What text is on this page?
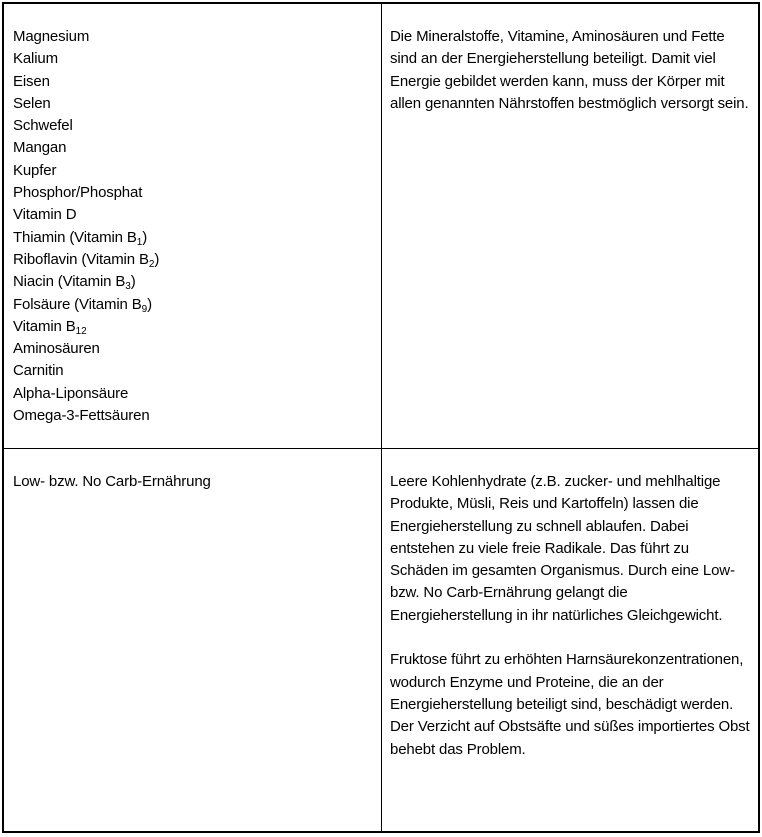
Magnesium
Kalium
Eisen
Selen
Schwefel
Mangan
Kupfer
Phosphor/Phosphat
Vitamin D
Thiamin (Vitamin $B_1$)
Riboflavin (Vitamin $B_2$)
Niacin (Vitamin $B_3$)
Folsäure (Vitamin $B_9$)
Vitamin $B_{12}$
Aminosäuren
Carnitin
Alpha-Liponsäure
Omega-3-Fettsäuren

Die Mineralstoffe, Vitamine, Aminosäuren und Fette sind an der Energieherstellung beteiligt. Damit viel Energie gebildet werden kann, muss der Körper mit allen genannten Nährstoffen bestmöglich versorgt sein.

Low- bzw. No Carb-Ernährung	Leere Kohlenhydrate (z.B. zucker- und mehlhaltige Produkte, Müsli, Reis und Kartoffeln) lassen die Energieherstellung zu schnell ablaufen. Dabei entstehen zu viele freie Radikale. Das führt zu Schäden im gesamten Organismus. Durch eine Low- bzw. No Carb-Ernährung gelangt die Energieherstellung in ihr natürliches Gleichgewicht.

Fruktose führt zu erhöhten Harnsäurekonzentrationen, wodurch Enzyme und Proteine, die an der Energieherstellung beteiligt sind, beschädigt werden. Der Verzicht auf Obstsäfte und süßes importiertes Obst behebt das Problem.
